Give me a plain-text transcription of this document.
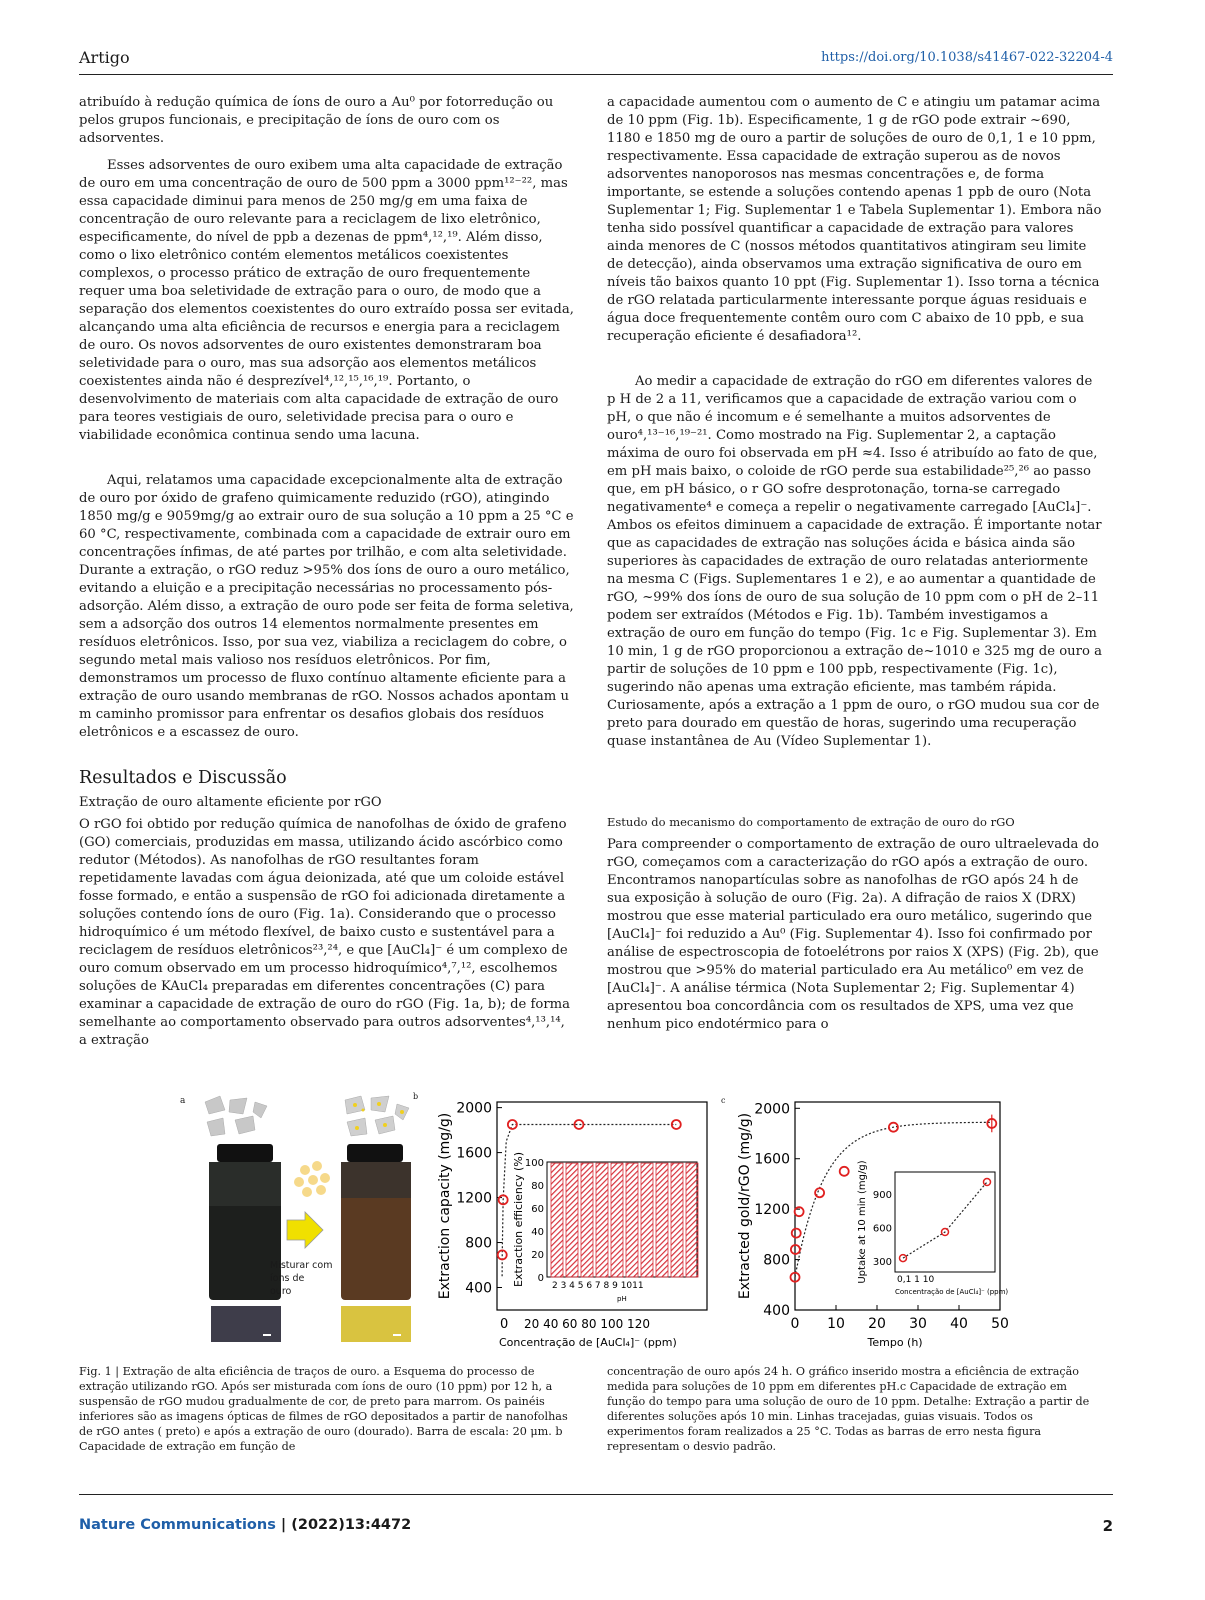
Artigo	https://doi.org/10.1038/s41467-022-32204-4

atribuído à redução química de íons de ouro a Au⁰ por fotorredução ou pelos grupos funcionais, e precipitação de íons de ouro com os adsorventes.

Esses adsorventes de ouro exibem uma alta capacidade de extração de ouro em uma concentração de ouro de 500 ppm a 3000 ppm¹²⁻²², mas essa capacidade diminui para menos de 250 mg/g em uma faixa de concentração de ouro relevante para a reciclagem de lixo eletrônico, especificamente, do nível de ppb a dezenas de ppm⁴,¹²,¹⁹. Além disso, como o lixo eletrônico contém elementos metálicos coexistentes complexos, o processo prático de extração de ouro frequentemente requer uma boa seletividade de extração para o ouro, de modo que a separação dos elementos coexistentes do ouro extraído possa ser evitada, alcançando uma alta eficiência de recursos e energia para a reciclagem de ouro. Os novos adsorventes de ouro existentes demonstraram boa seletividade para o ouro, mas sua adsorção aos elementos metálicos coexistentes ainda não é desprezível⁴,¹²,¹⁵,¹⁶,¹⁹. Portanto, o desenvolvimento de materiais com alta capacidade de extração de ouro para teores vestigiais de ouro, seletividade precisa para o ouro e viabilidade econômica continua sendo uma lacuna.

Aqui, relatamos uma capacidade excepcionalmente alta de extração de ouro por óxido de grafeno quimicamente reduzido (rGO), atingindo 1850 mg/g e 9059mg/g ao extrair ouro de sua solução a 10 ppm a 25 °C e 60 °C, respectivamente, combinada com a capacidade de extrair ouro em concentrações ínfimas, de até partes por trilhão, e com alta seletividade. Durante a extração, o rGO reduz >95% dos íons de ouro a ouro metálico, evitando a eluição e a precipitação necessárias no processamento pós-adsorção. Além disso, a extração de ouro pode ser feita de forma seletiva, sem a adsorção dos outros 14 elementos normalmente presentes em resíduos eletrônicos. Isso, por sua vez, viabiliza a reciclagem do cobre, o segundo metal mais valioso nos resíduos eletrônicos. Por fim, demonstramos um processo de fluxo contínuo altamente eficiente para a extração de ouro usando membranas de rGO. Nossos achados apontam u m caminho promissor para enfrentar os desafios globais dos resíduos eletrônicos e a escassez de ouro.

a capacidade aumentou com o aumento de C e atingiu um patamar acima de 10 ppm (Fig. 1b). Especificamente, 1 g de rGO pode extrair ~690, 1180 e 1850 mg de ouro a partir de soluções de ouro de 0,1, 1 e 10 ppm, respectivamente. Essa capacidade de extração superou as de novos adsorventes nanoporosos nas mesmas concentrações e, de forma importante, se estende a soluções contendo apenas 1 ppb de ouro (Nota Suplementar 1; Fig. Suplementar 1 e Tabela Suplementar 1). Embora não tenha sido possível quantificar a capacidade de extração para valores ainda menores de C (nossos métodos quantitativos atingiram seu limite de detecção), ainda observamos uma extração significativa de ouro em níveis tão baixos quanto 10 ppt (Fig. Suplementar 1). Isso torna a técnica de rGO relatada particularmente interessante porque águas residuais e água doce frequentemente contêm ouro com C abaixo de 10 ppb, e sua recuperação eficiente é desafiadora¹².

Ao medir a capacidade de extração do rGO em diferentes valores de p H de 2 a 11, verificamos que a capacidade de extração variou com o pH, o que não é incomum e é semelhante a muitos adsorventes de ouro⁴,¹³⁻¹⁶,¹⁹⁻²¹. Como mostrado na Fig. Suplementar 2, a captação máxima de ouro foi observada em pH ≈4. Isso é atribuído ao fato de que, em pH mais baixo, o coloide de rGO perde sua estabilidade²⁵,²⁶ ao passo que, em pH básico, o r GO sofre desprotonação, torna-se carregado negativamente⁴ e começa a repelir o negativamente carregado [AuCl₄]⁻. Ambos os efeitos diminuem a capacidade de extração. É importante notar que as capacidades de extração nas soluções ácida e básica ainda são superiores às capacidades de extração de ouro relatadas anteriormente na mesma C (Figs. Suplementares 1 e 2), e ao aumentar a quantidade de rGO, ~99% dos íons de ouro de sua solução de 10 ppm com o pH de 2–11 podem ser extraídos (Métodos e Fig. 1b). Também investigamos a extração de ouro em função do tempo (Fig. 1c e Fig. Suplementar 3). Em 10 min, 1 g de rGO proporcionou a extração de~1010 e 325 mg de ouro a partir de soluções de 10 ppm e 100 ppb, respectivamente (Fig. 1c), sugerindo não apenas uma extração eficiente, mas também rápida. Curiosamente, após a extração a 1 ppm de ouro, o rGO mudou sua cor de preto para dourado em questão de horas, sugerindo uma recuperação quase instantânea de Au (Vídeo Suplementar 1).

Resultados e Discussão
Extração de ouro altamente eficiente por rGO
Estudo do mecanismo do comportamento de extração de ouro do rGO

O rGO foi obtido por redução química de nanofolhas de óxido de grafeno (GO) comerciais, produzidas em massa, utilizando ácido ascórbico como redutor (Métodos). As nanofolhas de rGO resultantes foram repetidamente lavadas com água deionizada, até que um coloide estável fosse formado, e então a suspensão de rGO foi adicionada diretamente a soluções contendo íons de ouro (Fig. 1a). Considerando que o processo hidroquímico é um método flexível, de baixo custo e sustentável para a reciclagem de resíduos eletrônicos²³,²⁴, e que [AuCl₄]⁻ é um complexo de ouro comum observado em um processo hidroquímico⁴,⁷,¹², escolhemos soluções de KAuCl₄ preparadas em diferentes concentrações (C) para examinar a capacidade de extração de ouro do rGO (Fig. 1a, b); de forma semelhante ao comportamento observado para outros adsorventes⁴,¹³,¹⁴, a extração

Para compreender o comportamento de extração de ouro ultraelevada do rGO, começamos com a caracterização do rGO após a extração de ouro. Encontramos nanopartículas sobre as nanofolhas de rGO após 24 h de sua exposição à solução de ouro (Fig. 2a). A difração de raios X (DRX) mostrou que esse material particulado era ouro metálico, sugerindo que [AuCl₄]⁻ foi reduzido a Au⁰ (Fig. Suplementar 4). Isso foi confirmado por análise de espectroscopia de fotoelétrons por raios X (XPS) (Fig. 2b), que mostrou que >95% do material particulado era Au metálico⁰ em vez de [AuCl₄]⁻. A análise térmica (Nota Suplementar 2; Fig. Suplementar 4) apresentou boa concordância com os resultados de XPS, uma vez que nenhum pico endotérmico para o

a	b	c
Misturar com
íons de
ouro	400
800
1200
1600
2000
0 20 40 60 80 100 120
Concentração de [AuCl₄]⁻ (ppm)
Extraction capacity (mg/g)	0
20
40
60
80
100
2 3 4 5 6 7 8 9 1011
pH
Extraction efficiency (%)
400
800
1200
1600
2000
0 10 20 30 40 50
Tempo (h)
Extracted gold/rGO (mg/g)	300
600
900
0,1 1 10
Concentração de [AuCl₄]⁻ (ppm)
Uptake at 10 min (mg/g)
Fig. 1 | Extração de alta eficiência de traços de ouro. a Esquema do processo de extração utilizando rGO. Após ser misturada com íons de ouro (10 ppm) por 12 h, a suspensão de rGO mudou gradualmente de cor, de preto para marrom. Os painéis inferiores são as imagens ópticas de filmes de rGO depositados a partir de nanofolhas de rGO antes ( preto) e após a extração de ouro (dourado). Barra de escala: 20 μm. b Capacidade de extração em função de
concentração de ouro após 24 h. O gráfico inserido mostra a eficiência de extração medida para soluções de 10 ppm em diferentes pH.c Capacidade de extração em função do tempo para uma solução de ouro de 10 ppm. Detalhe: Extração a partir de diferentes soluções após 10 min. Linhas tracejadas, guias visuais. Todos os experimentos foram realizados a 25 °C. Todas as barras de erro nesta figura representam o desvio padrão.
Nature Communications | (2022)13:4472	2
